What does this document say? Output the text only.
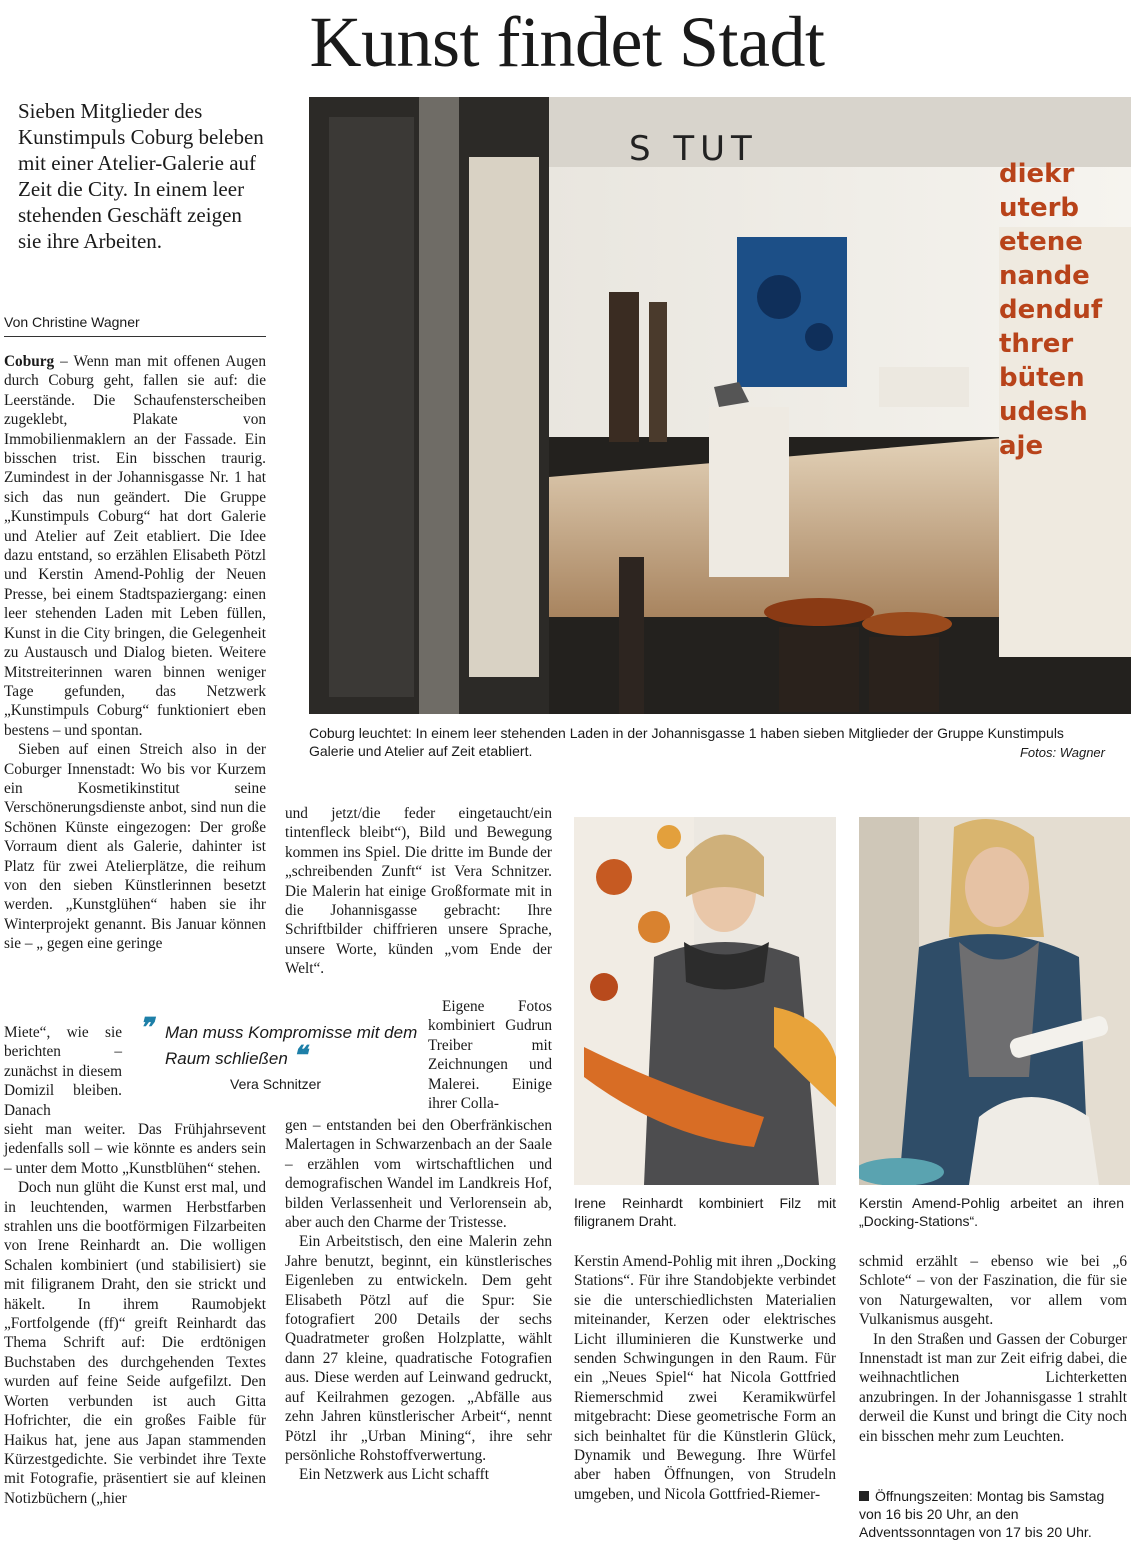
Kunst findet Stadt
Sieben Mitglieder des Kunstimpuls Coburg beleben mit einer Atelier-Galerie auf Zeit die City. In einem leer stehenden Geschäft zeigen sie ihre Arbeiten.
Von Christine Wagner

Coburg – Wenn man mit offenen Augen durch Coburg geht, fallen sie auf: die Leerstände. Die Schaufensterscheiben zugeklebt, Plakate von Immobilienmaklern an der Fassade. Ein bisschen trist. Ein bisschen traurig. Zumindest in der Johannisgasse Nr. 1 hat sich das nun geändert. Die Gruppe „Kunstimpuls Coburg“ hat dort Galerie und Atelier auf Zeit etabliert. Die Idee dazu entstand, so erzählen Elisabeth Pötzl und Kerstin Amend-Pohlig der Neuen Presse, bei einem Stadtspaziergang: einen leer stehenden Laden mit Leben füllen, Kunst in die City bringen, die Gelegenheit zu Austausch und Dialog bieten. Weitere Mitstreiterinnen waren binnen weniger Tage gefunden, das Netzwerk „Kunstimpuls Coburg“ funktioniert eben bestens – und spontan.

Sieben auf einen Streich also in der Coburger Innenstadt: Wo bis vor Kurzem ein Kosmetikinstitut seine Verschönerungsdienste anbot, sind nun die Schönen Künste eingezogen: Der große Vorraum dient als Galerie, dahinter ist Platz für zwei Atelierplätze, die reihum von den sieben Künstlerinnen besetzt werden. „Kunstglühen“ haben sie ihr Winterprojekt genannt. Bis Januar können sie – „ gegen eine geringe

Miete“, wie sie berichten – zunächst in diesem Domizil bleiben. Danach

sieht man weiter. Das Frühjahrsevent jedenfalls soll – wie könnte es anders sein – unter dem Motto „Kunstblühen“ stehen.

Doch nun glüht die Kunst erst mal, und in leuchtenden, warmen Herbstfarben strahlen uns die bootförmigen Filzarbeiten von Irene Reinhardt an. Die wolligen Schalen kombiniert (und stabilisiert) sie mit filigranem Draht, den sie strickt und häkelt. In ihrem Raumobjekt „Fortfolgende (ff)“ greift Reinhardt das Thema Schrift auf: Die erdtönigen Buchstaben des durchgehenden Textes wurden auf feine Seide aufgefilzt. Den Worten verbunden ist auch Gitta Hofrichter, die ein großes Faible für Haikus hat, jene aus Japan stammenden Kürzestgedichte. Sie verbindet ihre Texte mit Fotografie, präsentiert sie auf kleinen Notizbüchern („hier

und jetzt/die feder eingetaucht/ein tintenfleck bleibt“), Bild und Bewegung kommen ins Spiel. Die dritte im Bunde der „schreibenden Zunft“ ist Vera Schnitzer. Die Malerin hat einige Großformate mit in die Johannisgasse gebracht: Ihre Schriftbilder chiffrieren unsere Sprache, unsere Worte, künden „vom Ende der Welt“.

Eigene Fotos kombiniert Gudrun Treiber mit Zeichnungen und Malerei. Einige ihrer Colla-

gen – entstanden bei den Oberfränkischen Malertagen in Schwarzenbach an der Saale – erzählen vom wirtschaftlichen und demografischen Wandel im Landkreis Hof, bilden Verlassenheit und Verlorensein ab, aber auch den Charme der Tristesse.

Ein Arbeitstisch, den eine Malerin zehn Jahre benutzt, beginnt, ein künstlerisches Eigenleben zu entwickeln. Dem geht Elisabeth Pötzl auf die Spur: Sie fotografiert 200 Details der sechs Quadratmeter großen Holzplatte, wählt dann 27 kleine, quadratische Fotografien aus. Diese werden auf Leinwand gedruckt, auf Keilrahmen gezogen. „Abfälle aus zehn Jahren künstlerischer Arbeit“, nennt Pötzl ihr „Urban Mining“, ihre sehr persönliche Rohstoffverwertung.

Ein Netzwerk aus Licht schafft

❞ Man muss Kompromisse mit dem Raum schließen ❝
Vera Schnitzer
S TUT
diekr
uterb
etene
nande
denduf
threr
büten
udesh
aje
Coburg leuchtet: In einem leer stehenden Laden in der Johannisgasse 1 haben sieben Mitglieder der Gruppe Kunstimpuls Galerie und Atelier auf Zeit etabliert.	Fotos: Wagner
Irene Reinhardt kombiniert Filz mit filigranem Draht.
Kerstin Amend-Pohlig arbeitet an ihren „Docking-Stations“.

Kerstin Amend-Pohlig mit ihren „Docking Stations“. Für ihre Standobjekte verbindet sie die unterschiedlichsten Materialien miteinander, Kerzen oder elektrisches Licht illuminieren die Kunstwerke und senden Schwingungen in den Raum. Für ein „Neues Spiel“ hat Nicola Gottfried Riemerschmid zwei Keramikwürfel mitgebracht: Diese geometrische Form an sich beinhaltet für die Künstlerin Glück, Dynamik und Bewegung. Ihre Würfel aber haben Öffnungen, von Strudeln umgeben, und Nicola Gottfried-Riemer-

schmid erzählt – ebenso wie bei „6 Schlote“ – von der Faszination, die für sie von Naturgewalten, vor allem vom Vulkanismus ausgeht.

In den Straßen und Gassen der Coburger Innenstadt ist man zur Zeit eifrig dabei, die weihnachtlichen Lichterketten anzubringen. In der Johannisgasse 1 strahlt derweil die Kunst und bringt die City noch ein bisschen mehr zum Leuchten.

Öffnungszeiten: Montag bis Samstag von 16 bis 20 Uhr, an den Adventssonntagen von 17 bis 20 Uhr.
